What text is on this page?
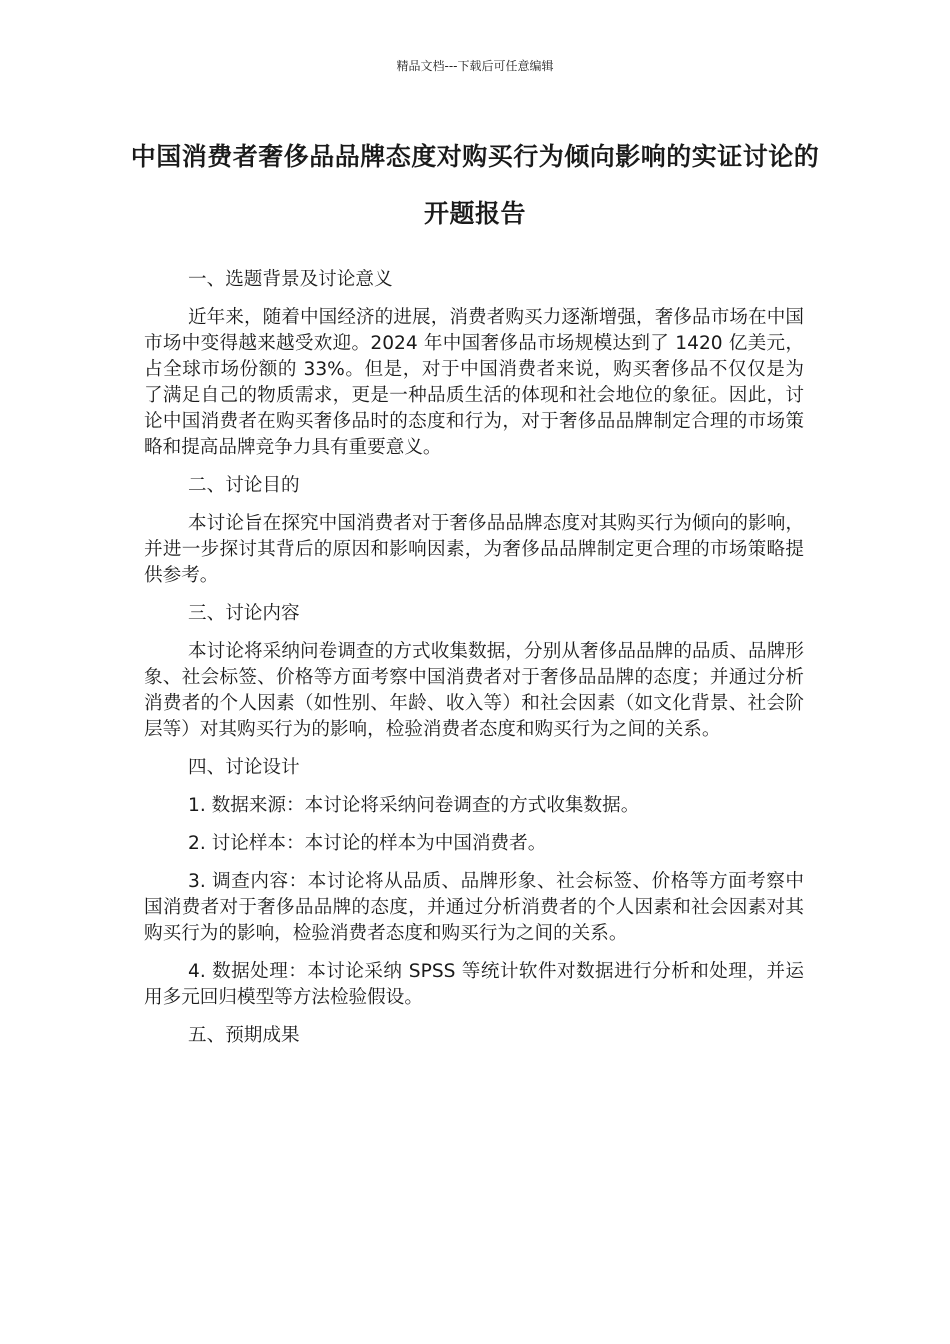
精品文档---下载后可任意编辑
中国消费者奢侈品品牌态度对购买行为倾向影响的实证讨论的开题报告

一、选题背景及讨论意义

近年来，随着中国经济的进展，消费者购买力逐渐增强，奢侈品市场在中国市场中变得越来越受欢迎。2024 年中国奢侈品市场规模达到了 1420 亿美元，占全球市场份额的 33%。但是，对于中国消费者来说，购买奢侈品不仅仅是为了满足自己的物质需求，更是一种品质生活的体现和社会地位的象征。因此，讨论中国消费者在购买奢侈品时的态度和行为，对于奢侈品品牌制定合理的市场策略和提高品牌竞争力具有重要意义。

二、讨论目的

本讨论旨在探究中国消费者对于奢侈品品牌态度对其购买行为倾向的影响，并进一步探讨其背后的原因和影响因素，为奢侈品品牌制定更合理的市场策略提供参考。

三、讨论内容

本讨论将采纳问卷调查的方式收集数据，分别从奢侈品品牌的品质、品牌形象、社会标签、价格等方面考察中国消费者对于奢侈品品牌的态度；并通过分析消费者的个人因素（如性别、年龄、收入等）和社会因素（如文化背景、社会阶层等）对其购买行为的影响，检验消费者态度和购买行为之间的关系。

四、讨论设计

1. 数据来源：本讨论将采纳问卷调查的方式收集数据。

2. 讨论样本：本讨论的样本为中国消费者。

3. 调查内容：本讨论将从品质、品牌形象、社会标签、价格等方面考察中国消费者对于奢侈品品牌的态度，并通过分析消费者的个人因素和社会因素对其购买行为的影响，检验消费者态度和购买行为之间的关系。

4. 数据处理：本讨论采纳 SPSS 等统计软件对数据进行分析和处理，并运用多元回归模型等方法检验假设。

五、预期成果
